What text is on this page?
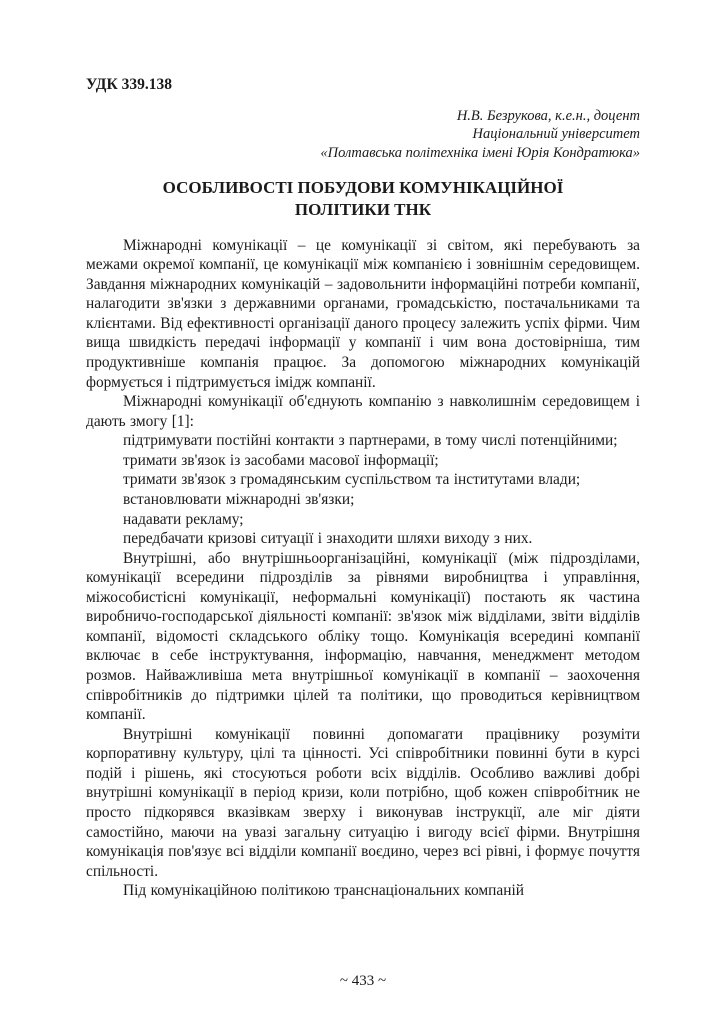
УДК 339.138
Н.В. Безрукова, к.е.н., доцент
Національний університет
«Полтавська політехніка імені Юрія Кондратюка»
ОСОБЛИВОСТІ ПОБУДОВИ КОМУНІКАЦІЙНОЇ ПОЛІТИКИ ТНК

Міжнародні комунікації – це комунікації зі світом, які перебувають за межами окремої компанії, це комунікації між компанією і зовнішнім середовищем. Завдання міжнародних комунікацій – задовольнити інформаційні потреби компанії, налагодити зв'язки з державними органами, громадськістю, постачальниками та клієнтами. Від ефективності організації даного процесу залежить успіх фірми. Чим вища швидкість передачі інформації у компанії і чим вона достовірніша, тим продуктивніше компанія працює. За допомогою міжнародних комунікацій формується і підтримується імідж компанії.

Міжнародні комунікації об'єднують компанію з навколишнім середовищем і дають змогу [1]:

підтримувати постійні контакти з партнерами, в тому числі потенційними;

тримати зв'язок із засобами масової інформації;

тримати зв'язок з громадянським суспільством та інститутами влади;

встановлювати міжнародні зв'язки;

надавати рекламу;

передбачати кризові ситуації і знаходити шляхи виходу з них.

Внутрішні, або внутрішньоорганізаційні, комунікації (між підрозділами, комунікації всередини підрозділів за рівнями виробництва і управління, міжособистісні комунікації, неформальні комунікації) постають як частина виробничо-господарської діяльності компанії: зв'язок між відділами, звіти відділів компанії, відомості складського обліку тощо. Комунікація всередині компанії включає в себе інструктування, інформацію, навчання, менеджмент методом розмов. Найважливіша мета внутрішньої комунікації в компанії – заохочення співробітників до підтримки цілей та політики, що проводиться керівництвом компанії.

Внутрішні комунікації повинні допомагати працівнику розуміти корпоративну культуру, цілі та цінності. Усі співробітники повинні бути в курсі подій і рішень, які стосуються роботи всіх відділів. Особливо важливі добрі внутрішні комунікації в період кризи, коли потрібно, щоб кожен співробітник не просто підкорявся вказівкам зверху і виконував інструкції, але міг діяти самостійно, маючи на увазі загальну ситуацію і вигоду всієї фірми. Внутрішня комунікація пов'язує всі відділи компанії воєдино, через всі рівні, і формує почуття спільності.

Під комунікаційною політикою транснаціональних компаній

~ 433 ~
